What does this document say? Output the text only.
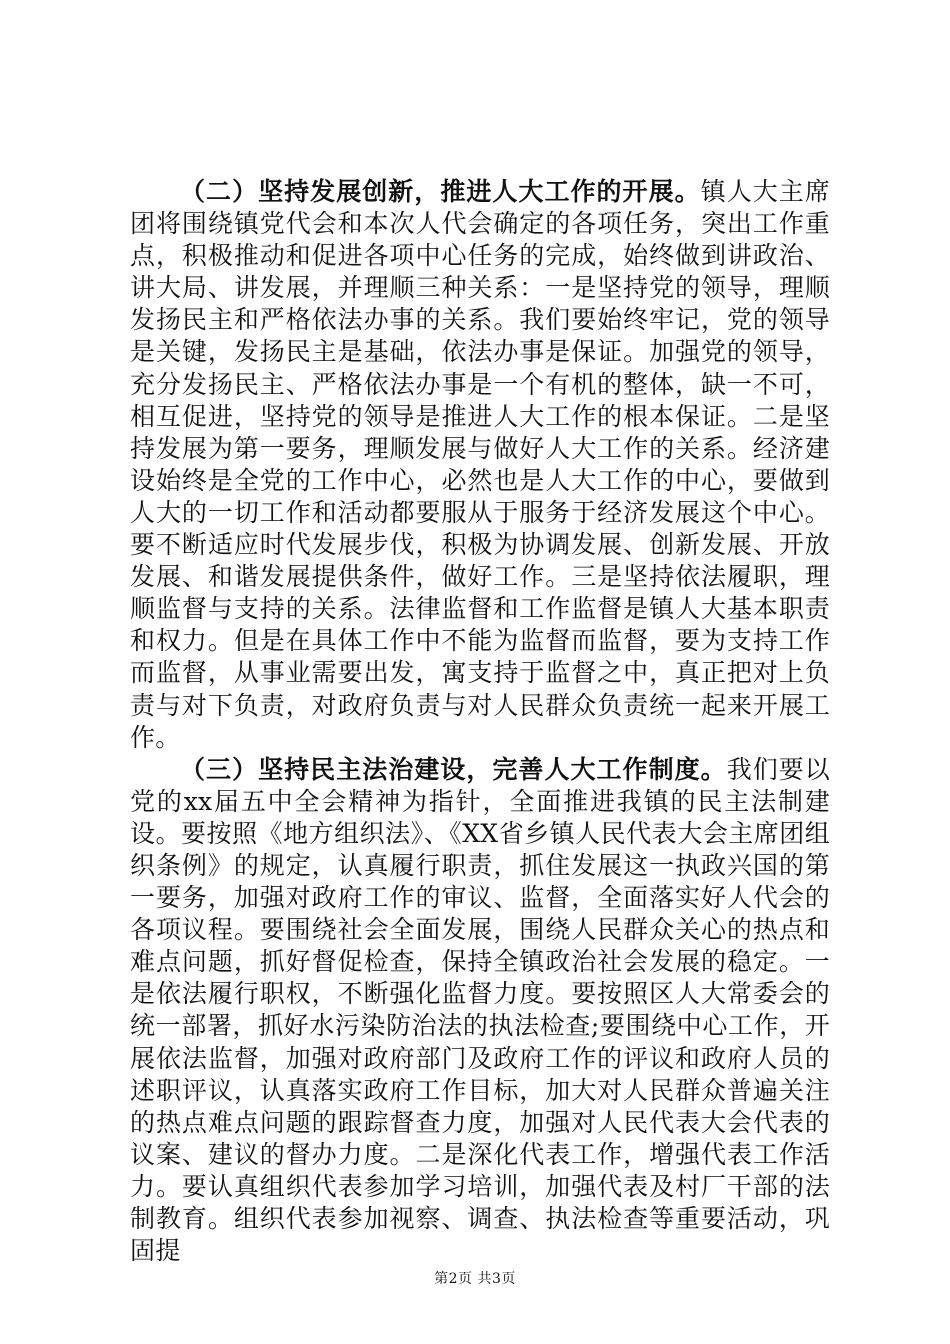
（二）坚持发展创新，推进人大工作的开展。镇人大主席团将围绕镇党代会和本次人代会确定的各项任务，突出工作重点，积极推动和促进各项中心任务的完成，始终做到讲政治、讲大局、讲发展，并理顺三种关系：一是坚持党的领导，理顺发扬民主和严格依法办事的关系。我们要始终牢记，党的领导是关键，发扬民主是基础，依法办事是保证。加强党的领导，充分发扬民主、严格依法办事是一个有机的整体，缺一不可，相互促进，坚持党的领导是推进人大工作的根本保证。二是坚持发展为第一要务，理顺发展与做好人大工作的关系。经济建设始终是全党的工作中心，必然也是人大工作的中心，要做到人大的一切工作和活动都要服从于服务于经济发展这个中心。要不断适应时代发展步伐，积极为协调发展、创新发展、开放发展、和谐发展提供条件，做好工作。三是坚持依法履职，理顺监督与支持的关系。法律监督和工作监督是镇人大基本职责和权力。但是在具体工作中不能为监督而监督，要为支持工作而监督，从事业需要出发，寓支持于监督之中，真正把对上负责与对下负责，对政府负责与对人民群众负责统一起来开展工作。

（三）坚持民主法治建设，完善人大工作制度。我们要以党的xx届五中全会精神为指针，全面推进我镇的民主法制建设。要按照《地方组织法》、《XX省乡镇人民代表大会主席团组织条例》的规定，认真履行职责，抓住发展这一执政兴国的第一要务，加强对政府工作的审议、监督，全面落实好人代会的各项议程。要围绕社会全面发展，围绕人民群众关心的热点和难点问题，抓好督促检查，保持全镇政治社会发展的稳定。一是依法履行职权，不断强化监督力度。要按照区人大常委会的统一部署，抓好水污染防治法的执法检查;要围绕中心工作，开展依法监督，加强对政府部门及政府工作的评议和政府人员的述职评议，认真落实政府工作目标，加大对人民群众普遍关注的热点难点问题的跟踪督查力度，加强对人民代表大会代表的议案、建议的督办力度。二是深化代表工作，增强代表工作活力。要认真组织代表参加学习培训，加强代表及村厂干部的法制教育。组织代表参加视察、调查、执法检查等重要活动，巩固提

第2页 共3页
